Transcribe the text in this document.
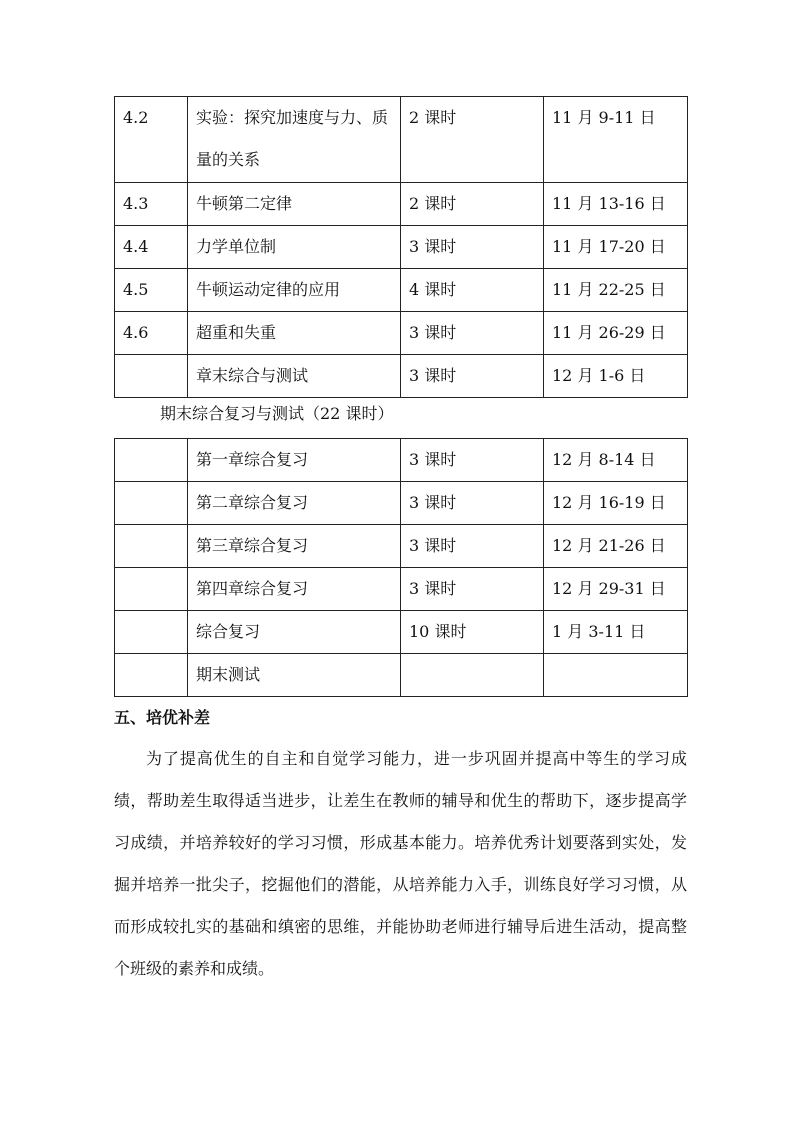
4.2	实验：探究加速度与力、质量的关系	2 课时	11 月 9-11 日
4.3	牛顿第二定律	2 课时	11 月 13-16 日
4.4	力学单位制	3 课时	11 月 17-20 日
4.5	牛顿运动定律的应用	4 课时	11 月 22-25 日
4.6	超重和失重	3 课时	11 月 26-29 日
	章末综合与测试	3 课时	12 月 1-6 日
期末综合复习与测试（22 课时）
	第一章综合复习	3 课时	12 月 8-14 日
	第二章综合复习	3 课时	12 月 16-19 日
	第三章综合复习	3 课时	12 月 21-26 日
	第四章综合复习	3 课时	12 月 29-31 日
	综合复习	10 课时	1 月 3-11 日
	期末测试		
五、培优补差

为了提高优生的自主和自觉学习能力，进一步巩固并提高中等生的学习成绩，帮助差生取得适当进步，让差生在教师的辅导和优生的帮助下，逐步提高学习成绩，并培养较好的学习习惯，形成基本能力。培养优秀计划要落到实处，发掘并培养一批尖子，挖掘他们的潜能，从培养能力入手，训练良好学习习惯，从而形成较扎实的基础和缜密的思维，并能协助老师进行辅导后进生活动，提高整个班级的素养和成绩。
